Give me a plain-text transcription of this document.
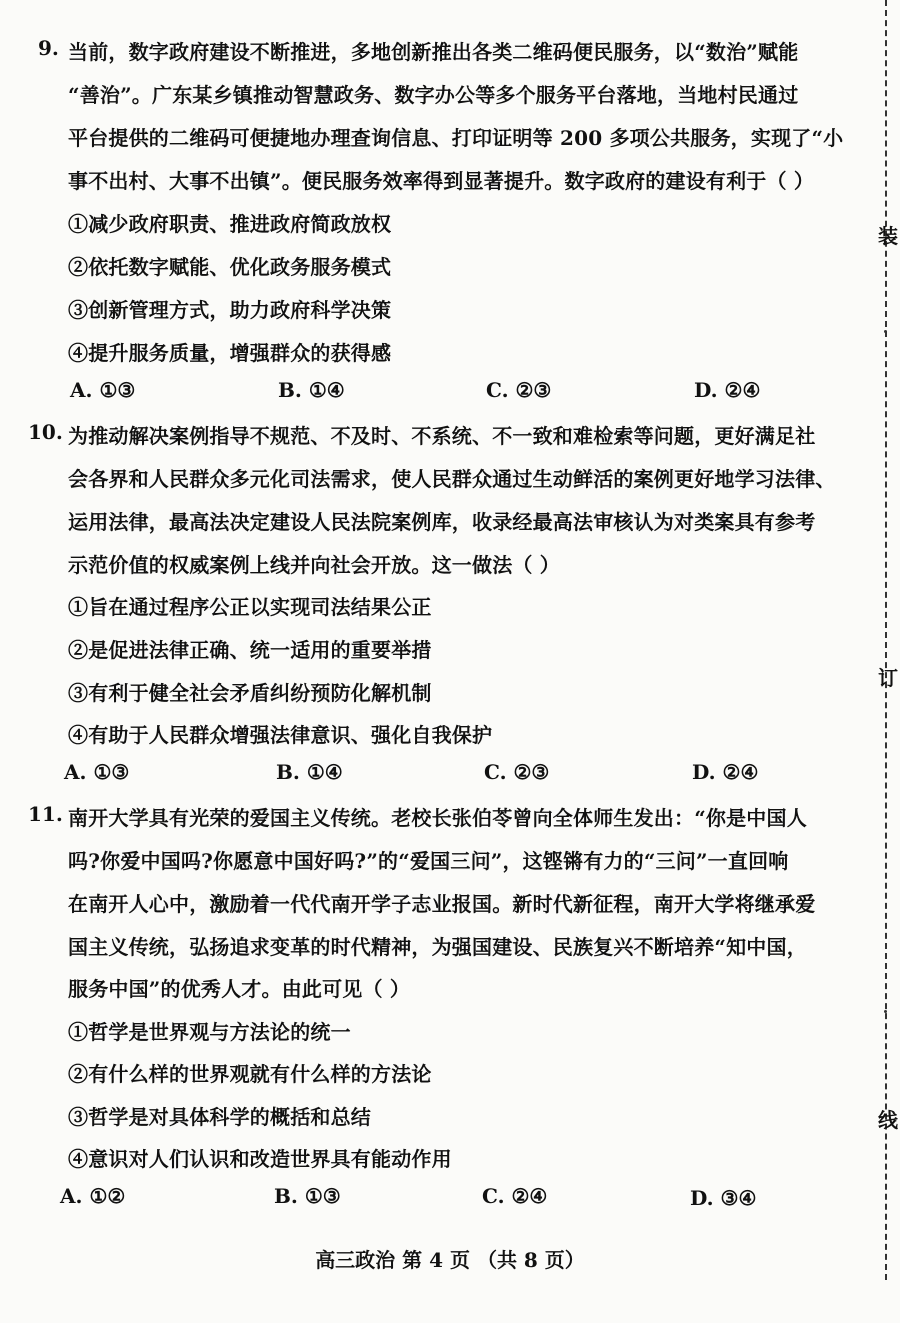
9. 当前，数字政府建设不断推进，多地创新推出各类二维码便民服务，以“数治”赋能
“善治”。广东某乡镇推动智慧政务、数字办公等多个服务平台落地，当地村民通过
平台提供的二维码可便捷地办理查询信息、打印证明等 200 多项公共服务，实现了“小
事不出村、大事不出镇”。便民服务效率得到显著提升。数字政府的建设有利于（ ）
①减少政府职责、推进政府简政放权
②依托数字赋能、优化政务服务模式
③创新管理方式，助力政府科学决策
④提升服务质量，增强群众的获得感
A. ①③	B. ①④	C. ②③	D. ②④
10. 为推动解决案例指导不规范、不及时、不系统、不一致和难检索等问题，更好满足社
会各界和人民群众多元化司法需求，使人民群众通过生动鲜活的案例更好地学习法律、
运用法律，最高法决定建设人民法院案例库，收录经最高法审核认为对类案具有参考
示范价值的权威案例上线并向社会开放。这一做法（ ）
①旨在通过程序公正以实现司法结果公正
②是促进法律正确、统一适用的重要举措
③有利于健全社会矛盾纠纷预防化解机制
④有助于人民群众增强法律意识、强化自我保护
A. ①③	B. ①④	C. ②③	D. ②④
11. 南开大学具有光荣的爱国主义传统。老校长张伯苓曾向全体师生发出：“你是中国人
吗?你爱中国吗?你愿意中国好吗?”的“爱国三问”，这铿锵有力的“三问”一直回响
在南开人心中，激励着一代代南开学子志业报国。新时代新征程，南开大学将继承爱
国主义传统，弘扬追求变革的时代精神，为强国建设、民族复兴不断培养“知中国，
服务中国”的优秀人才。由此可见（ ）
①哲学是世界观与方法论的统一
②有什么样的世界观就有什么样的方法论
③哲学是对具体科学的概括和总结
④意识对人们认识和改造世界具有能动作用
A. ①②	B. ①③	C. ②④	D. ③④
高三政治 第 4 页 （共 8 页）
装
订
线
